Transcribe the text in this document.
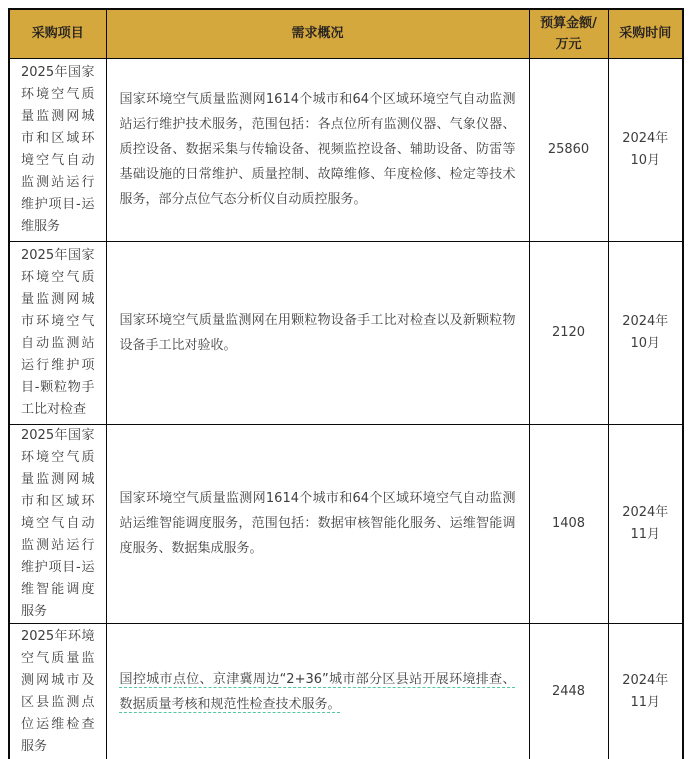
采购项目	需求概况	预算金额/万元	采购时间
2025年国家环境空气质量监测网城市和区域环境空气自动监测站运行维护项目-运维服务	国家环境空气质量监测网1614个城市和64个区域环境空气自动监测站运行维护技术服务，范围包括：各点位所有监测仪器、气象仪器、质控设备、数据采集与传输设备、视频监控设备、辅助设备、防雷等基础设施的日常维护、质量控制、故障维修、年度检修、检定等技术服务，部分点位气态分析仪自动质控服务。	25860	2024年10月
2025年国家环境空气质量监测网城市环境空气自动监测站运行维护项目-颗粒物手工比对检查	国家环境空气质量监测网在用颗粒物设备手工比对检查以及新颗粒物设备手工比对验收。	2120	2024年10月
2025年国家环境空气质量监测网城市和区域环境空气自动监测站运行维护项目-运维智能调度服务	国家环境空气质量监测网1614个城市和64个区域环境空气自动监测站运维智能调度服务，范围包括：数据审核智能化服务、运维智能调度服务、数据集成服务。	1408	2024年11月
2025年环境空气质量监测网城市及区县监测点位运维检查服务	国控城市点位、京津冀周边“2+36”城市部分区县站开展环境排查、数据质量考核和规范性检查技术服务。	2448	2024年11月
